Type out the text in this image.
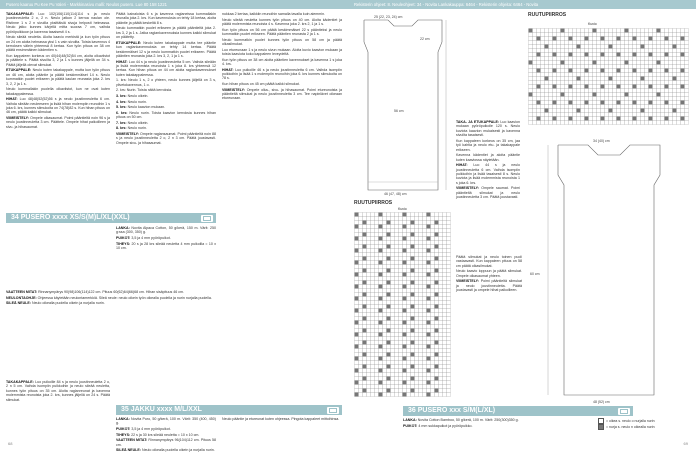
Pusero kaaruu Pu Kee Pu Valeri - Markkinasivu malli: Neulos pusero. Lue 80 158 1221

TAKAKAPPALE: Luo 102(106)110(114)114 s ja neulo joustinneuletta 2 o, 2 n. Neulo jatkon 2 kerroa naulan ole. Ristinne 1 s 2 n sivuilla yksittäisiä sivuja helposti helmassa. Neulo jatko kunnes kärjellä mitta suoraa 7 cm, vaihda pyöröpuikkoon ja kavenna tasaisesti 4 s.

Neulo sileää neuletta. Aloita kaavio merkistä ja kun työn pituus on 24 cm aloita helmassa yksi 1 s vain sivuilta. Toista kavennus 4 kerroksen välein yhteensä 8 kertaa. Kun työn pituus on 38 cm päätä ensimmäinen kädentien s.

Kun kappaleen korkeus on 40(44)48(52)54 cm, aloita olkaviistot ja päättele s. Päätä sivuilta 3, 2 ja 1 s kunnes jäljellä on 34 s. Päätä jäljellä olevat silmukat.

ETUKAPPALE: Neulo kuten takakappale, mutta kun työn pituus on 46 cm, aloita pääntie ja päätä keskimmäiset 14 s. Neulo kummatkin puolet erikseen ja päätä kaulan reunasta joka 2. krs 3, 2, 2 ja 1 s.

Neulo kummallakin puolella olkaviistot, kun ne ovat kuten takakappaleessa.

HIHAT: Luo 48(48)52(52)56 s ja neulo joustinneuletta 6 cm. Vaihda sileään neuleeseen ja lisää hihan molempiin reunoihin 1 s joka 6. krs, kunnes silmukoita on 74(78)82 s. Kun hihan pituus on 46 cm, päätä kaikki silmukat.

VIIMEISTELY: Ompele olkasaumat. Poimi pääntieltä noin 96 s ja neulo joustinneuletta 3 cm. Päättele. Ompele hihat paikoilleen ja sivu- ja hihasaumat.

34 PUSERO xxxx XS/S(M)L/XL(XXL)

LANKA: Novita Alpaca Cotton, 50 g/kerä, 150 m. Värit: 250 g:ssa (300, 350) g.

PUIKOT: 3,5 ja 4 mm pyöröpuikot.

TIHEYS: 20 s ja 28 krs sileää neuletta 4 mm puikoilla = 10 x 10 cm.

VAATTEEN MITAT: Rinnanympärys 90(98)106(114)122 cm. Pituus 60(62)64(66)68 cm. Hihan sisäpituus 46 cm.

NEULONTAOHJE: Ohjeessa käytetään neulontamerkkiä. Sileä neule: neulo oikein työn oikealla puolella ja nurin nurjalla puolella.

SILEÄ NEULE: Neulo oikealla puolella oikein ja nurjalla nurin.

TAKAKAPPALE: Luo puikoille 84 s ja neulo joustinneuletta 2 o, 2 n 5 cm. Vaihda isompiin puikkoihin ja neulo sileää neuletta, kunnes työn pituus on 35 cm. Aloita raglanreunat ja kavenna molemmista reunoista joka 2. krs, kunnes jäljellä on 24 s. Päätä silmukat.

Päätä kainaloista 6 s ja kavenna raglaneissa kummallakin reunalla joka 2. krs. Kun kavennuksia on tehty 18 kertaa, aloita pääntie ja päätä keskeltä 8 s.

Neulo kummatkin puolet erikseen ja päätä pääntieltä joka 2. krs 3, 2 ja 1 s. Jatka raglankavennuksia kunnes kaikki silmukat on päätetty.

ETUKAPPALE: Neulo kuten takakappale mutta tee pääntie kun raglankavennuksia on tehty 14 kertaa. Päätä keskimmäiset 12 s ja neulo kummatkin puolet erikseen. Päätä pääntien reunasta joka 2. krs 3, 2, 1 ja 1 s.

HIHAT: Luo 44 s ja neulo joustinneuletta 5 cm. Vaihda sileään ja lisää molemmista reunoista 1 s joka 8. krs yhteensä 12 kertaa. Kun hihan pituus on 44 cm aloita raglankavennukset kuten takakappaleessa.

1. krs: Neulo 1 s, 2 o yhteen, neulo kunnes jäljellä on 3 s, ylivetokavennus, 1 o.

2. krs: Nurin. Toista näitä kerroksia.

3. krs: Neulo oikein.

4. krs: Neulo nurin.

5. krs: Neulo kaavion mukaan.

6. krs: Neulo nurin. Toista kaavion kerroksia kunnes hihan pituus on 50 cm.

7. krs: Neulo oikein.

8. krs: Neulo nurin.

VIIMEISTELY: Ompele raglansaumat. Poimi pääntieltä noin 88 s ja neulo joustinneuletta 2 o, 2 n 3 cm. Päätä joustavasti. Ompele sivu- ja hihasaumat.

nukkaa 2 kertaa, kaikkiin reunoihin samalla tavalla kuin aiemmin.

Neulo sileää neuletta kunnes työn pituus on 40 cm. Aloita kädentiet ja päätä molemmista reunoista 4 s. Kavenna joka 2. krs 2, 1 ja 1 s.

Kun työn pituus on 56 cm päätä keskimmäiset 22 s pääntieksi ja neulo kummatkin puolet erikseen. Päätä pääntien reunasta 2 ja 1 s.

Neulo kummatkin puolet kunnes työn pituus on 58 cm ja päätä olkasilmukat.

Luo etureunaan 1 s ja neulo sivun mukaan. Aloita kuvio kaavion mukaan ja toista kaaviota koko kappaleen leveydeltä.

Kun työn pituus on 38 cm aloita pääntien kavennukset ja kavenna 1 s joka 4. krs.

HIHAT: Luo puikoille 46 s ja neulo joustinneuletta 6 cm. Vaihda isompiin puikkoihin ja lisää 1 s molempiin reunoihin joka 6. krs kunnes silmukoita on 78 s.

Kun hihan pituus on 45 cm päätä kaikki silmukat.

VIIMEISTELY: Ompele olka-, sivu- ja hihasaumat. Poimi etureunoista ja pääntieltä silmukat ja neulo joustinneuletta 3 cm. Tee napinlävet oikeaan etureunaan.

35 JAKKU xxxx M/L/XXL

LANKA: Novita Puro, 50 g/kerä, 100 m. Värit: 350 (400, 450) g.

PUIKOT: 3,5 ja 4 mm pyöröpuikot.

TIHEYS: 22 s ja 30 krs sileää neuletta = 10 x 10 cm.

VAATTEEN MITAT: Rinnanympärys 96(104)112 cm. Pituus 58 cm.

SILEÄ NEULE: Neulo oikealla puolella oikein ja nurjalla nurin.

Neulo pääntie ja etureunat kuten ohjeessa. Pingota kappaleet mittoihinsa.

68
Rekisterin ohjeet: 8. Neuleohjeet: 34 - Novita Lankakauppa: 6464 - Rekisterin ohjeita: 6464 - Novita
25 (22, 23, 24) cm
22 cm
56 cm
46 (47, 48) cm

TAKA- JA ETUKAPPALE: Luo kaavion mukaan pyöröpuikolle 120 s. Neulo kuviota kaavion mukaisesti ja kavenna sivuilta tasaisesti.

Kun kappaleen korkeus on 35 cm, jaa työ kahtia ja neulo etu- ja takakappale erikseen.

Kavenna kädentiet ja aloita pääntie kuten kaaviossa näytetään.

HIHAT: Luo 44 s ja neulo joustinneuletta 6 cm. Vaihda isompiin puikkoihin ja lisää tasaisesti 8 s. Neulo kuviota ja lisää molemmista reunoista 1 s joka 6. krs.

VIIMEISTELY: Ompele saumat. Poimi pääntieltä silmukat ja neulo joustinneuletta 3 cm. Päätä joustavasti.

RUUTUPIIRROS
Kuvio
RUUTUPIIRROS
Kuvio
34 (40) cm
60 cm
48 (52) cm

Päätä silmukat ja neulo toinen puoli vastaavasti. Kun kappaleen pituus on 58 cm päätä olkasilmukat.

Neulo kaavio loppuun ja päätä silmukat. Ompele olkasaumat yhteen.

VIIMEISTELY: Poimi pääntieltä silmukat ja neulo joustinneuletta. Päätä joustavasti ja ompele hihat paikoilleen.

36 PUSERO xxx S/M(L/XL)

LANKA: Novita Cotton Bamboo, 50 g/kerä, 100 m. Värit: 250(300)350 g.

PUIKOT: 4 mm sukkapuikot ja pyöröpuikko.

= oikea s. neulo o nurjalla nurin
= nurja s. neulo n oikealla nurin
69
